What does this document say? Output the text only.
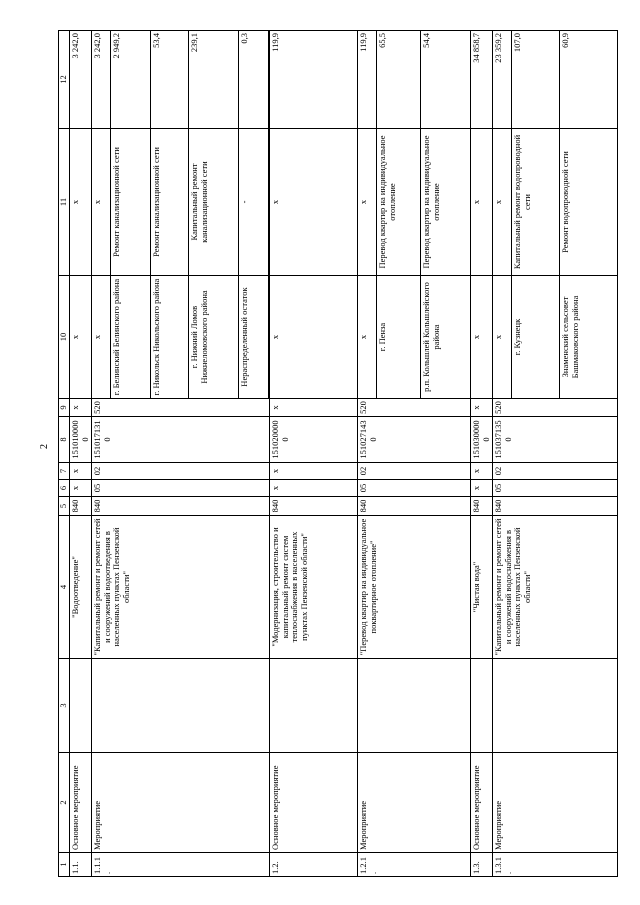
2
1	2	3	4	5	6	7	8	9	10	11	12
1.1.	Основное мероприятие		"Водоотведение"	840	x	x	1510100000	x	x	x	3 242,0
1.1.1.	Мероприятие		"Капитальный ремонт и ремонт сетей и сооружений водоотведения в населенных пунктах Пензенской области"	840	05	02	1510171310	520	x	x	3 242,0
									г. Белинский Белинского района	Ремонт канализационной сети	2 949,2
									г. Никольск Никольского района	Ремонт канализационной сети	53,4
									г. Нижний Ломов Нижнеломовского района	Капитальный ремонт канализационной сети	239,1
									Нераспределенный остаток	-	0,3

1.2.	Основное мероприятие		"Модернизация, строительство и капитальный ремонт систем теплоснабжения в населенных пунктах Пензенской области"	840	x	x	1510200000	x	x	x	119,9
1.2.1.	Мероприятие		"Перевод квартир на индивидуальное поквартирное отопление"	840	05	02	1510271430	520	x	x	119,9
									г. Пенза	Перевод квартир на индивидуальное отопление	65,5
									р.п. Кольшлей Кольшлейского района	Перевод квартир на индивидуальное отопление	54,4
1.3.	Основное мероприятие		"Чистая вода"	840	x	x	1510300000	x	x	x	34 858,7
1.3.1.	Мероприятие		"Капитальный ремонт и ремонт сетей и сооружений водоснабжения в населенных пунктах Пензенской области"	840	05	02	1510371350	520	x	x	23 359,2
									г. Кузнецк	Капитальный ремонт водопроводной сети	107,0
									Знаменский сельсовет Башмаковского района	Ремонт водопроводной сети	60,9
